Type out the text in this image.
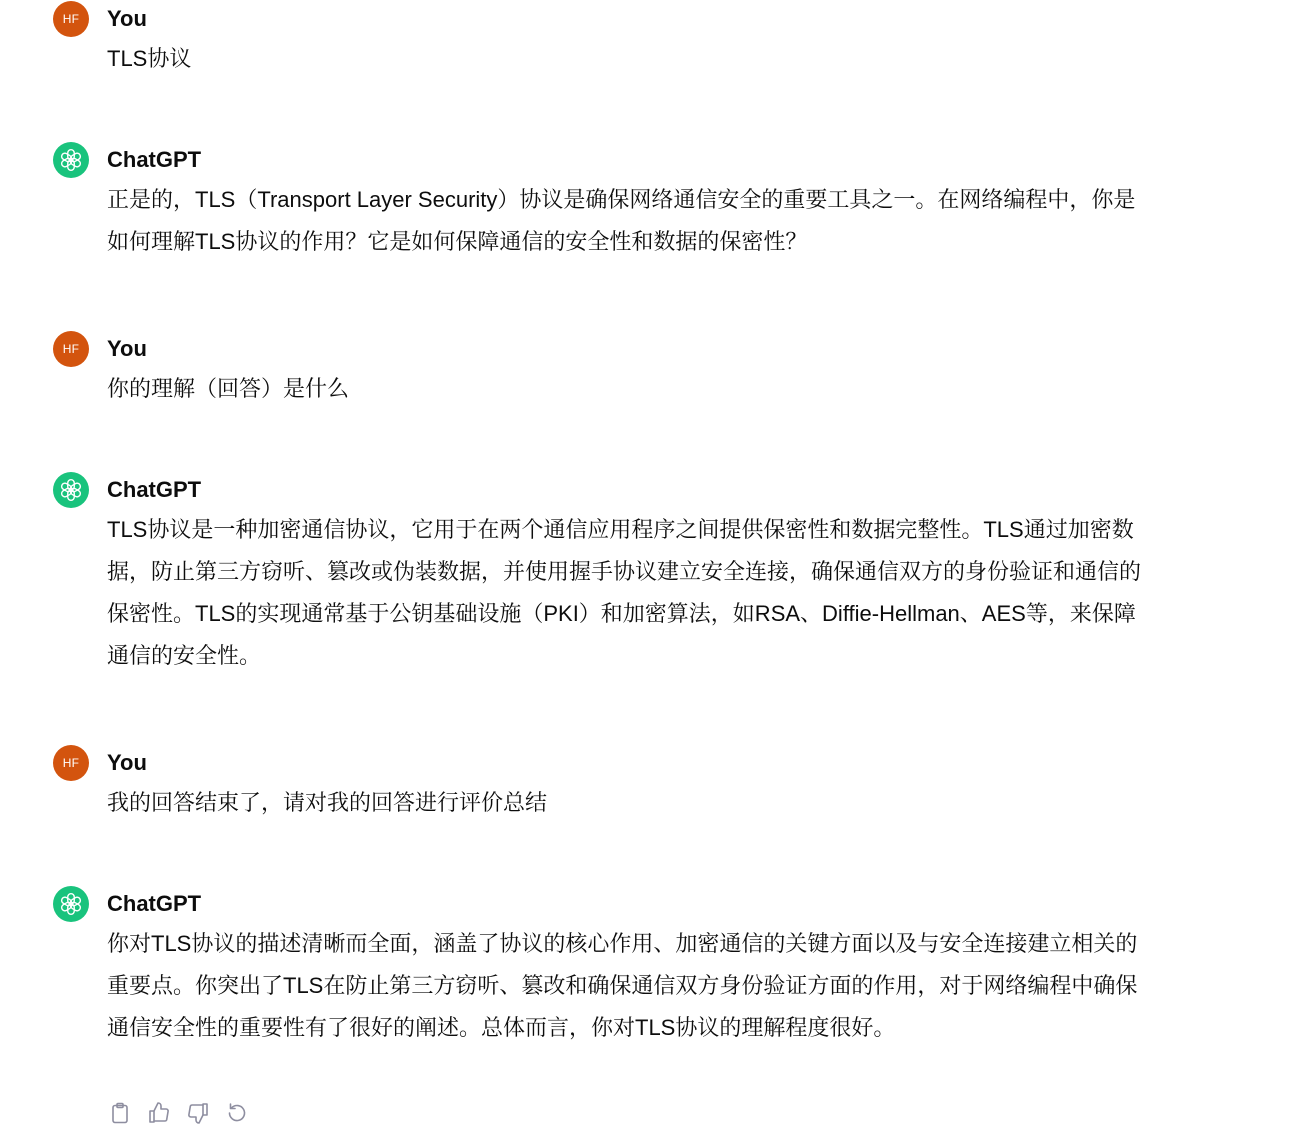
HF	You

TLS协议

ChatGPT

正是的，TLS（Transport Layer Security）协议是确保网络通信安全的重要工具之一。在网络编程中，你是如何理解TLS协议的作用？它是如何保障通信的安全性和数据的保密性？

HF	You

你的理解（回答）是什么

ChatGPT

TLS协议是一种加密通信协议，它用于在两个通信应用程序之间提供保密性和数据完整性。TLS通过加密数据，防止第三方窃听、篡改或伪装数据，并使用握手协议建立安全连接，确保通信双方的身份验证和通信的保密性。TLS的实现通常基于公钥基础设施（PKI）和加密算法，如RSA、Diffie-Hellman、AES等，来保障通信的安全性。

HF	You

我的回答结束了，请对我的回答进行评价总结

ChatGPT

你对TLS协议的描述清晰而全面，涵盖了协议的核心作用、加密通信的关键方面以及与安全连接建立相关的重要点。你突出了TLS在防止第三方窃听、篡改和确保通信双方身份验证方面的作用，对于网络编程中确保通信安全性的重要性有了很好的阐述。总体而言，你对TLS协议的理解程度很好。
